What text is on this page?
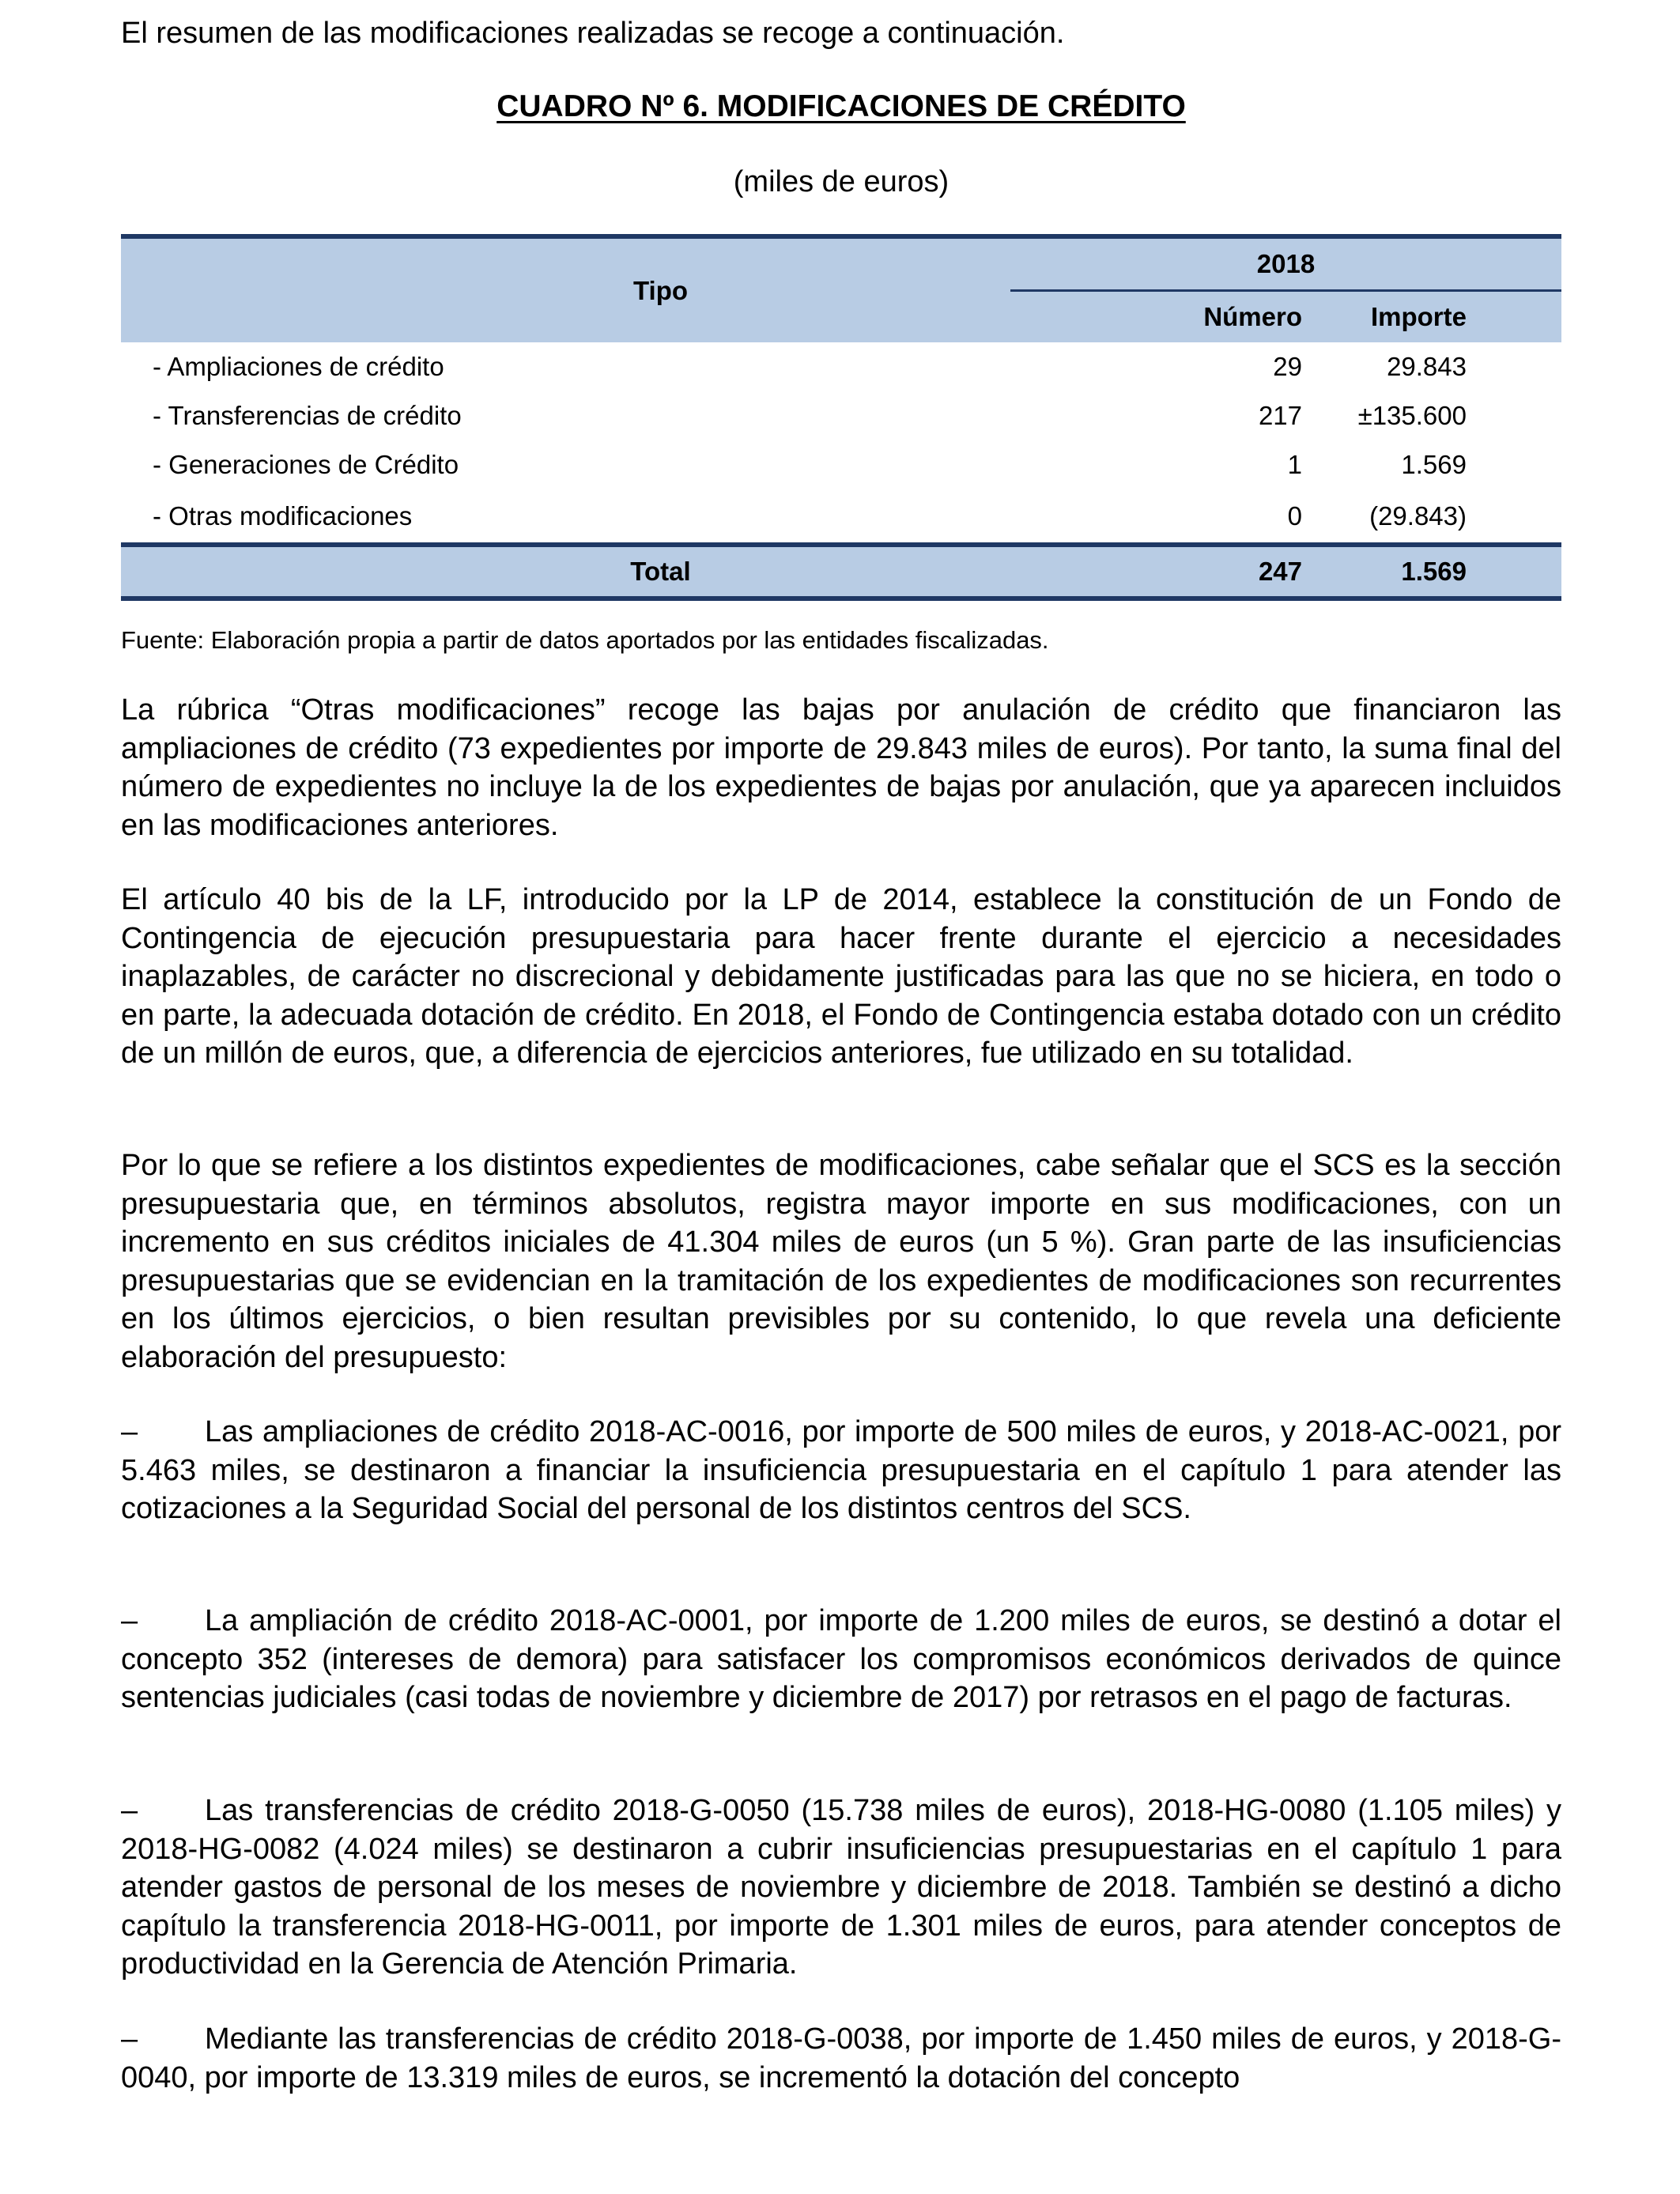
El resumen de las modificaciones realizadas se recoge a continuación.

CUADRO Nº 6. MODIFICACIONES DE CRÉDITO
(miles de euros)
Tipo	2018	
	Número	Importe
- Ampliaciones de crédito	29	29.843
- Transferencias de crédito	217	±135.600
- Generaciones de Crédito	1	1.569
- Otras modificaciones	0	(29.843)
Total	247	1.569
Fuente: Elaboración propia a partir de datos aportados por las entidades fiscalizadas.

La rúbrica “Otras modificaciones” recoge las bajas por anulación de crédito que financiaron las ampliaciones de crédito (73 expedientes por importe de 29.843 miles de euros). Por tanto, la suma final del número de expedientes no incluye la de los expedientes de bajas por anulación, que ya aparecen incluidos en las modificaciones anteriores.

El artículo 40 bis de la LF, introducido por la LP de 2014, establece la constitución de un Fondo de Contingencia de ejecución presupuestaria para hacer frente durante el ejercicio a necesidades inaplazables, de carácter no discrecional y debidamente justificadas para las que no se hiciera, en todo o en parte, la adecuada dotación de crédito. En 2018, el Fondo de Contingencia estaba dotado con un crédito de un millón de euros, que, a diferencia de ejercicios anteriores, fue utilizado en su totalidad.

Por lo que se refiere a los distintos expedientes de modificaciones, cabe señalar que el SCS es la sección presupuestaria que, en términos absolutos, registra mayor importe en sus modificaciones, con un incremento en sus créditos iniciales de 41.304 miles de euros (un 5 %). Gran parte de las insuficiencias presupuestarias que se evidencian en la tramitación de los expedientes de modificaciones son recurrentes en los últimos ejercicios, o bien resultan previsibles por su contenido, lo que revela una deficiente elaboración del presupuesto:

– Las ampliaciones de crédito 2018-AC-0016, por importe de 500 miles de euros, y 2018-AC-0021, por 5.463 miles, se destinaron a financiar la insuficiencia presupuestaria en el capítulo 1 para atender las cotizaciones a la Seguridad Social del personal de los distintos centros del SCS.

– La ampliación de crédito 2018-AC-0001, por importe de 1.200 miles de euros, se destinó a dotar el concepto 352 (intereses de demora) para satisfacer los compromisos económicos derivados de quince sentencias judiciales (casi todas de noviembre y diciembre de 2017) por retrasos en el pago de facturas.

– Las transferencias de crédito 2018-G-0050 (15.738 miles de euros), 2018-HG-0080 (1.105 miles) y 2018-HG-0082 (4.024 miles) se destinaron a cubrir insuficiencias presupuestarias en el capítulo 1 para atender gastos de personal de los meses de noviembre y diciembre de 2018. También se destinó a dicho capítulo la transferencia 2018-HG-0011, por importe de 1.301 miles de euros, para atender conceptos de productividad en la Gerencia de Atención Primaria.

– Mediante las transferencias de crédito 2018-G-0038, por importe de 1.450 miles de euros, y 2018-G-0040, por importe de 13.319 miles de euros, se incrementó la dotación del concepto
